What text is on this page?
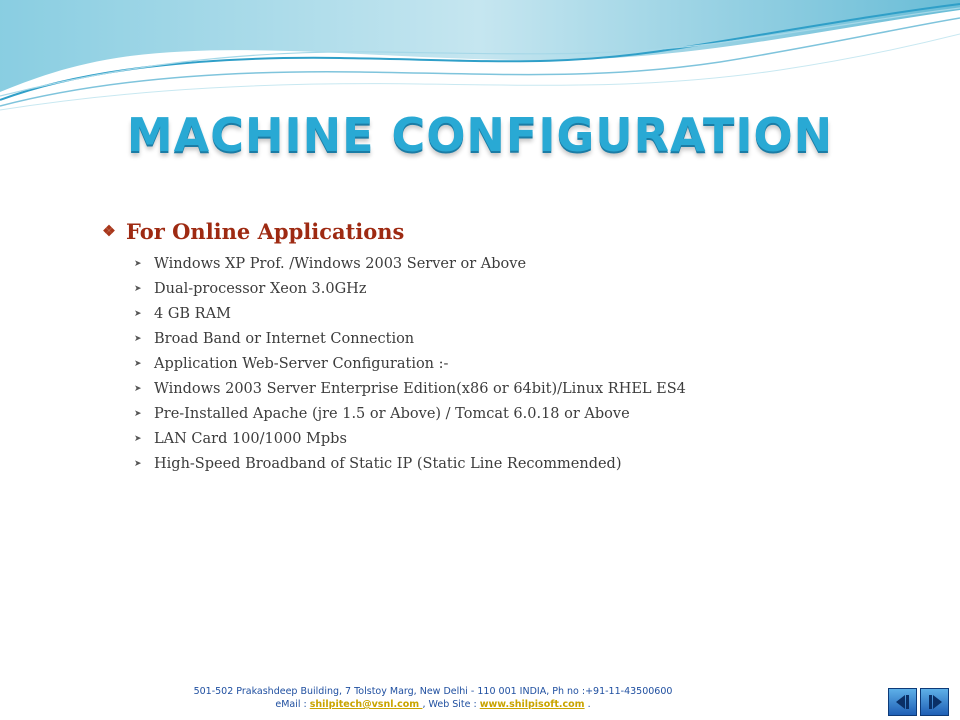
MACHINE CONFIGURATION
❖ For Online Applications
➤ Windows XP Prof. /Windows 2003 Server or Above
➤ Dual-processor Xeon 3.0GHz
➤ 4 GB RAM
➤ Broad Band or Internet Connection
➤ Application Web-Server Configuration :-
➤ Windows 2003 Server Enterprise Edition(x86 or 64bit)/Linux RHEL ES4
➤ Pre-Installed Apache (jre 1.5 or Above) / Tomcat 6.0.18 or Above
➤ LAN Card 100/1000 Mpbs
➤ High-Speed Broadband of Static IP (Static Line Recommended)
501-502 Prakashdeep Building, 7 Tolstoy Marg, New Delhi - 110 001 INDIA, Ph no :+91-11-43500600
eMail : shilpitech@vsnl.com , Web Site : www.shilpisoft.com .
